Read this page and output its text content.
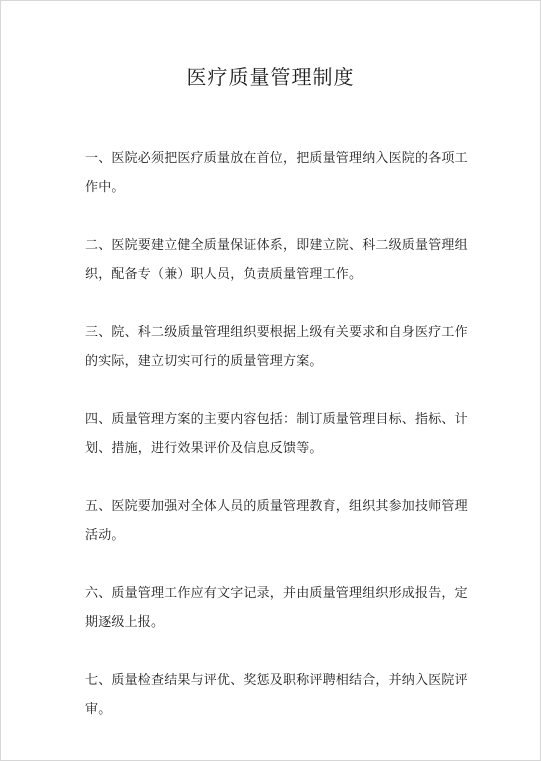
医疗质量管理制度
一、医院必须把医疗质量放在首位，把质量管理纳入医院的各项工作中。
二、医院要建立健全质量保证体系，即建立院、科二级质量管理组织，配备专（兼）职人员，负责质量管理工作。
三、院、科二级质量管理组织要根据上级有关要求和自身医疗工作的实际，建立切实可行的质量管理方案。
四、质量管理方案的主要内容包括：制订质量管理目标、指标、计划、措施，进行效果评价及信息反馈等。
五、医院要加强对全体人员的质量管理教育，组织其参加技师管理活动。
六、质量管理工作应有文字记录，并由质量管理组织形成报告，定期逐级上报。
七、质量检查结果与评优、奖惩及职称评聘相结合，并纳入医院评审。
